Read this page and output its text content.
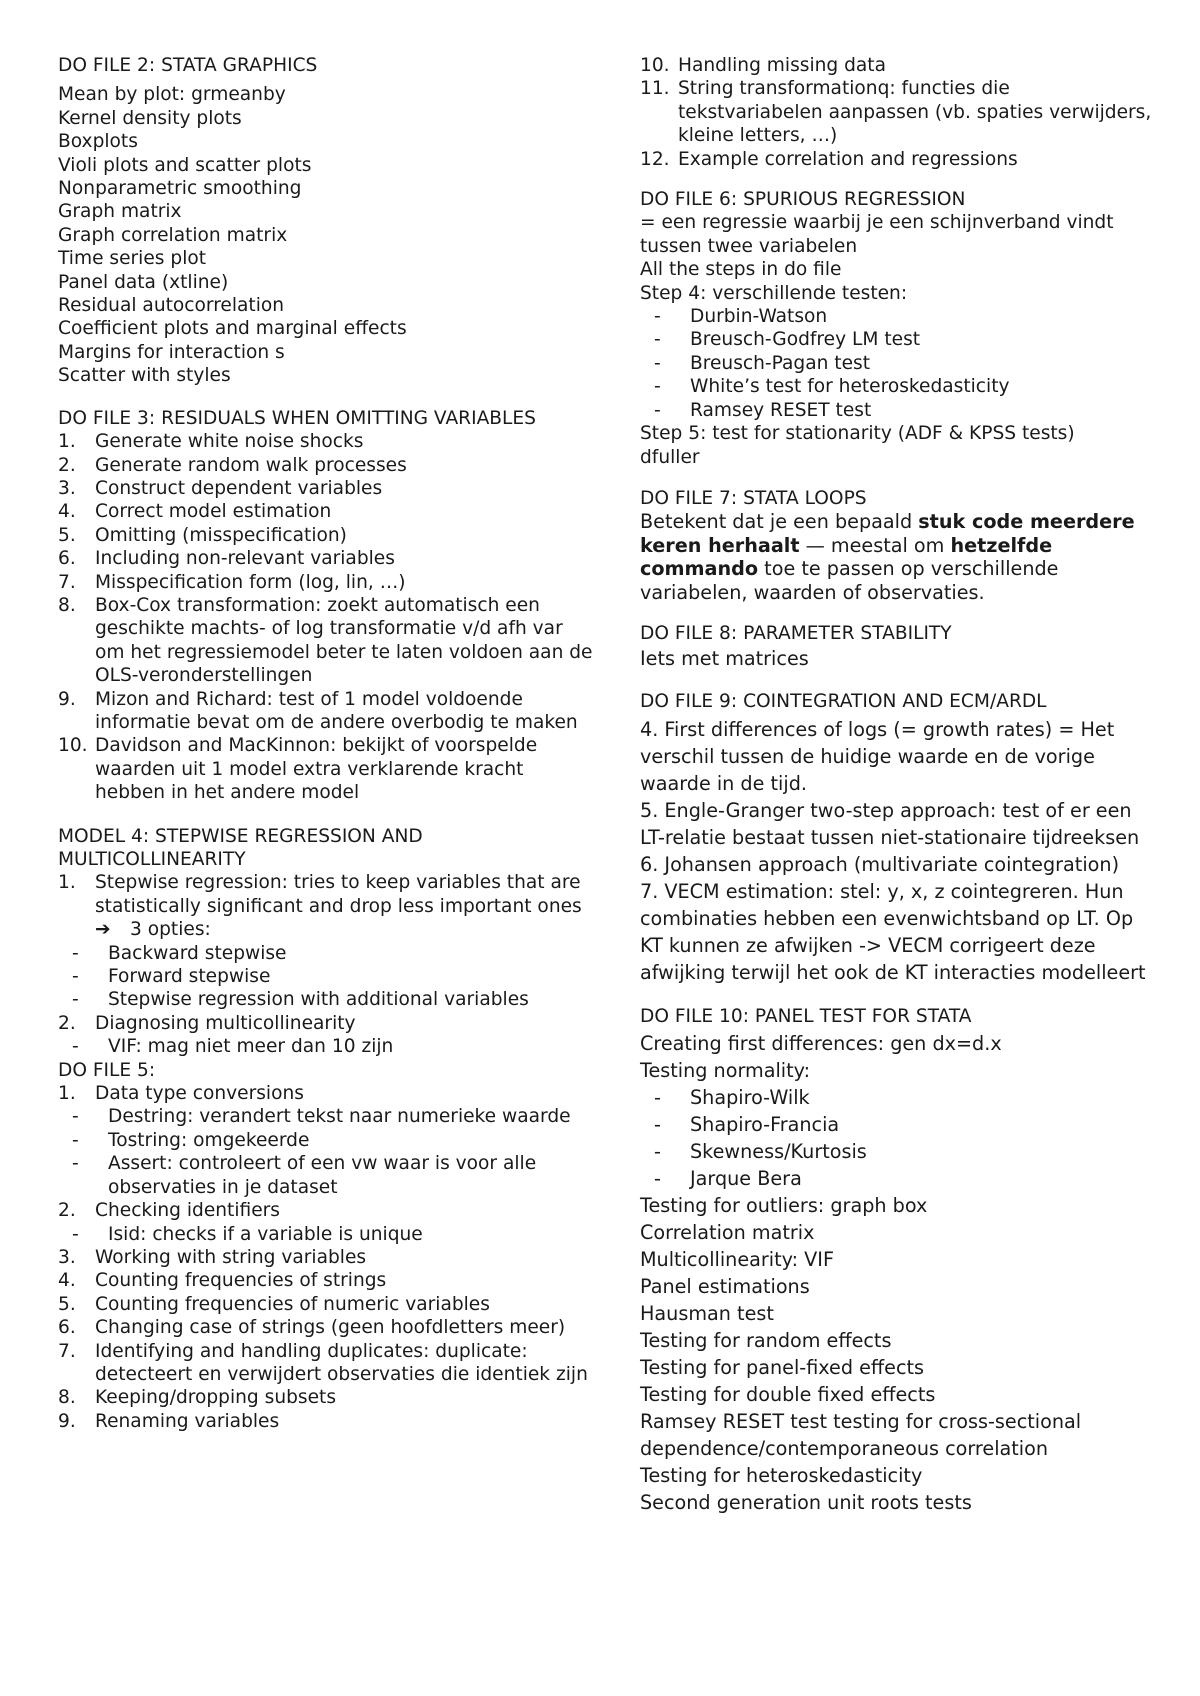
DO FILE 2: STATA GRAPHICS

Mean by plot: grmeanby

Kernel density plots

Boxplots

Violi plots and scatter plots

Nonparametric smoothing

Graph matrix

Graph correlation matrix

Time series plot

Panel data (xtline)

Residual autocorrelation

Coefficient plots and marginal effects

Margins for interaction s

Scatter with styles

DO FILE 3: RESIDUALS WHEN OMITTING VARIABLES

1. Generate white noise shocks
2. Generate random walk processes
3. Construct dependent variables
4. Correct model estimation
5. Omitting (misspecification)
6. Including non-relevant variables
7. Misspecification form (log, lin, …)
8. Box-Cox transformation: zoekt automatisch een geschikte machts- of log transformatie v/d afh var om het regressiemodel beter te laten voldoen aan de OLS-veronderstellingen
9. Mizon and Richard: test of 1 model voldoende informatie bevat om de andere overbodig te maken
10. Davidson and MacKinnon: bekijkt of voorspelde waarden uit 1 model extra verklarende kracht hebben in het andere model

MODEL 4: STEPWISE REGRESSION AND MULTICOLLINEARITY

1. Stepwise regression: tries to keep variables that are statistically significant and drop less important ones

➔ 3 opties:

- Backward stepwise
- Forward stepwise
- Stepwise regression with additional variables
2. Diagnosing multicollinearity
- VIF: mag niet meer dan 10 zijn

DO FILE 5:

1. Data type conversions
- Destring: verandert tekst naar numerieke waarde
- Tostring: omgekeerde
- Assert: controleert of een vw waar is voor alle observaties in je dataset
2. Checking identifiers
- Isid: checks if a variable is unique
3. Working with string variables
4. Counting frequencies of strings
5. Counting frequencies of numeric variables
6. Changing case of strings (geen hoofdletters meer)
7. Identifying and handling duplicates: duplicate: detecteert en verwijdert observaties die identiek zijn
8. Keeping/dropping subsets
9. Renaming variables
10. Handling missing data
11. String transformationq: functies die tekstvariabelen aanpassen (vb. spaties verwijders, kleine letters, …)
12. Example correlation and regressions

DO FILE 6: SPURIOUS REGRESSION

= een regressie waarbij je een schijnverband vindt tussen twee variabelen

All the steps in do file

Step 4: verschillende testen:

- Durbin-Watson
- Breusch-Godfrey LM test
- Breusch-Pagan test
- White’s test for heteroskedasticity
- Ramsey RESET test

Step 5: test for stationarity (ADF & KPSS tests)

dfuller

DO FILE 7: STATA LOOPS

Betekent dat je een bepaald stuk code meerdere keren herhaalt — meestal om hetzelfde commando toe te passen op verschillende variabelen, waarden of observaties.

DO FILE 8: PARAMETER STABILITY

Iets met matrices

DO FILE 9: COINTEGRATION AND ECM/ARDL

4. First differences of logs (= growth rates) = Het verschil tussen de huidige waarde en de vorige waarde in de tijd.

5. Engle-Granger two-step approach: test of er een LT-relatie bestaat tussen niet-stationaire tijdreeksen

6. Johansen approach (multivariate cointegration)

7. VECM estimation: stel: y, x, z cointegreren. Hun combinaties hebben een evenwichtsband op LT. Op KT kunnen ze afwijken -> VECM corrigeert deze afwijking terwijl het ook de KT interacties modelleert

DO FILE 10: PANEL TEST FOR STATA

Creating first differences: gen dx=d.x

Testing normality:

- Shapiro-Wilk
- Shapiro-Francia
- Skewness/Kurtosis
- Jarque Bera

Testing for outliers: graph box

Correlation matrix

Multicollinearity: VIF

Panel estimations

Hausman test

Testing for random effects

Testing for panel-fixed effects

Testing for double fixed effects

Ramsey RESET test testing for cross-sectional dependence/contemporaneous correlation

Testing for heteroskedasticity

Second generation unit roots tests
